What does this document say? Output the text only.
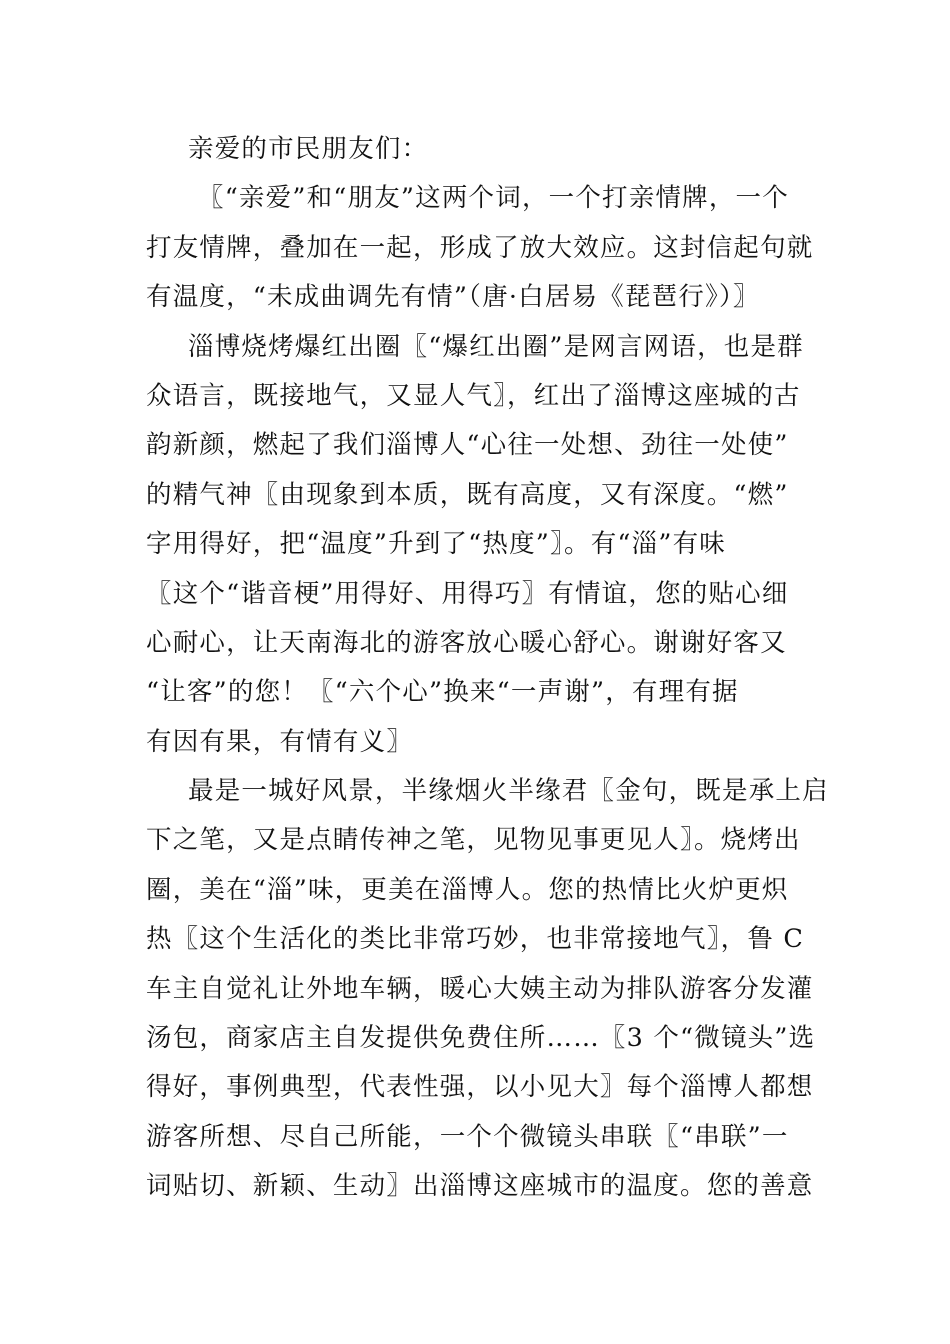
亲爱的市民朋友们：
〖“亲爱”和“朋友”这两个词，一个打亲情牌，一个
打友情牌，叠加在一起，形成了放大效应。这封信起句就
有温度，“未成曲调先有情”（唐·白居易《琵琶行》）〗
淄博烧烤爆红出圈〖“爆红出圈”是网言网语，也是群
众语言，既接地气，又显人气〗，红出了淄博这座城的古
韵新颜，燃起了我们淄博人“心往一处想、劲往一处使”
的精气神〖由现象到本质，既有高度，又有深度。“燃”
字用得好，把“温度”升到了“热度”〗。有“淄”有味
〖这个“谐音梗”用得好、用得巧〗有情谊，您的贴心细
心耐心，让天南海北的游客放心暖心舒心。谢谢好客又
“让客”的您！〖“六个心”换来“一声谢”，有理有据
有因有果，有情有义〗
最是一城好风景，半缘烟火半缘君〖金句，既是承上启
下之笔，又是点睛传神之笔，见物见事更见人〗。烧烤出
圈，美在“淄”味，更美在淄博人。您的热情比火炉更炽
热〖这个生活化的类比非常巧妙，也非常接地气〗，鲁 C
车主自觉礼让外地车辆，暖心大姨主动为排队游客分发灌
汤包，商家店主自发提供免费住所……〖3 个“微镜头”选
得好，事例典型，代表性强，以小见大〗每个淄博人都想
游客所想、尽自己所能，一个个微镜头串联〖“串联”一
词贴切、新颖、生动〗出淄博这座城市的温度。您的善意
